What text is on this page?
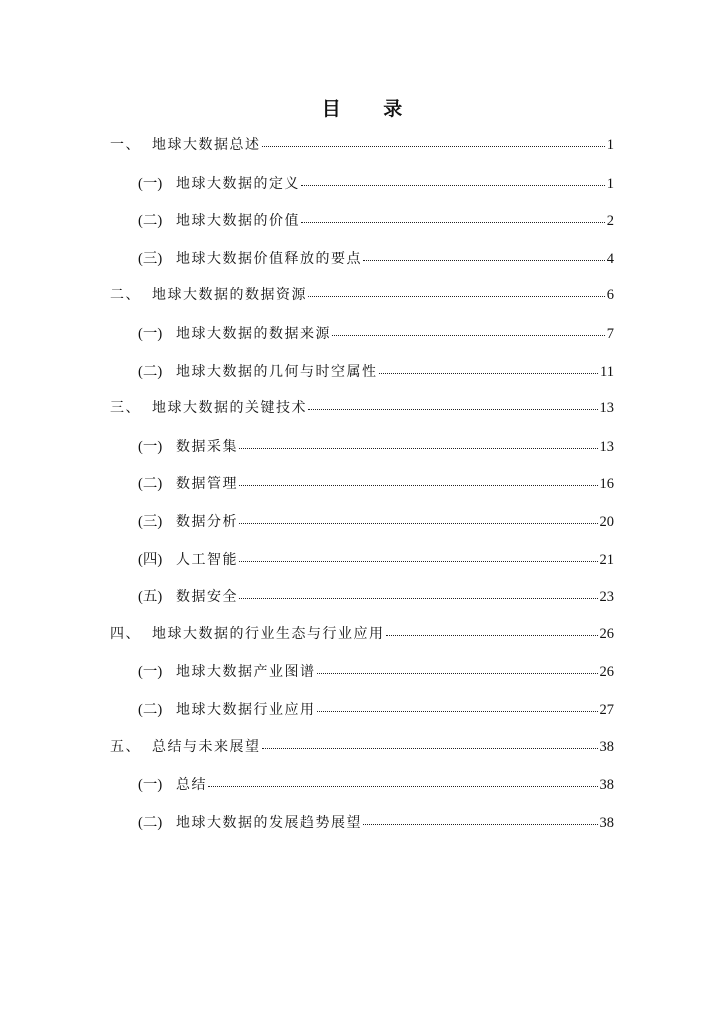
目 录
一、 地球大数据总述	1
(一) 地球大数据的定义	1
(二) 地球大数据的价值	2
(三) 地球大数据价值释放的要点	4
二、 地球大数据的数据资源	6
(一) 地球大数据的数据来源	7
(二) 地球大数据的几何与时空属性	11
三、 地球大数据的关键技术	13
(一) 数据采集	13
(二) 数据管理	16
(三) 数据分析	20
(四) 人工智能	21
(五) 数据安全	23
四、 地球大数据的行业生态与行业应用	26
(一) 地球大数据产业图谱	26
(二) 地球大数据行业应用	27
五、 总结与未来展望	38
(一) 总结	38
(二) 地球大数据的发展趋势展望	38
